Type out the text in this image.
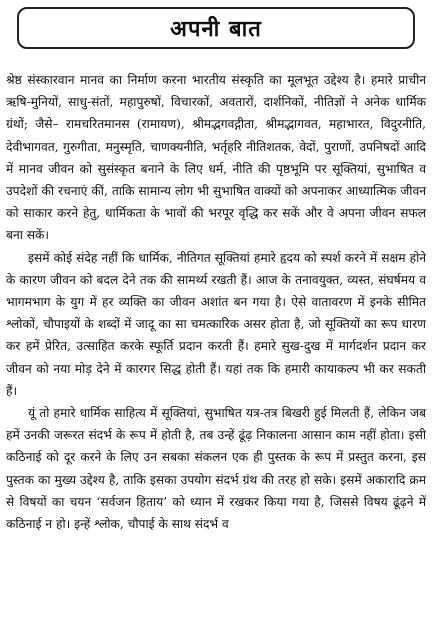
अपनी बात

श्रेष्ठ संस्कारवान मानव का निर्माण करना भारतीय संस्कृति का मूलभूत उद्देश्य है। हमारे प्राचीन ऋषि-मुनियों, साधु-संतों, महापुरुषों, विचारकों, अवतारों, दार्शनिकों, नीतिज्ञों ने अनेक धार्मिक ग्रंथों; जैसे– रामचरितमानस (रामायण), श्रीमद्भगवद्गीता, श्रीमद्भागवत, महाभारत, विदुरनीति, देवीभागवत, गुरुगीता, मनुस्मृति, चाणक्यनीति, भर्तृहरि नीतिशतक, वेदों, पुराणों, उपनिषदों आदि में मानव जीवन को सुसंस्कृत बनाने के लिए धर्म, नीति की पृष्ठभूमि पर सूक्तियां, सुभाषित व उपदेशों की रचनाएं कीं, ताकि सामान्य लोग भी सुभाषित वाक्यों को अपनाकर आध्यात्मिक जीवन को साकार करने हेतु, धार्मिकता के भावों की भरपूर वृद्धि कर सकें और वे अपना जीवन सफल बना सकें।

इसमें कोई संदेह नहीं कि धार्मिक, नीतिगत सूक्तियां हमारे हृदय को स्पर्श करने में सक्षम होने के कारण जीवन को बदल देने तक की सामर्थ्य रखती हैं। आज के तनावयुक्त, व्यस्त, संघर्षमय व भागमभाग के युग में हर व्यक्ति का जीवन अशांत बन गया है। ऐसे वातावरण में इनके सीमित श्लोकों, चौपाइयों के शब्दों में जादू का सा चमत्कारिक असर होता है, जो सूक्तियों का रूप धारण कर हमें प्रेरित, उत्साहित करके स्फूर्ति प्रदान करती हैं। हमारे सुख-दुख में मार्गदर्शन प्रदान कर जीवन को नया मोड़ देने में कारगर सिद्ध होती हैं। यहां तक कि हमारी कायाकल्प भी कर सकती हैं।

यूं तो हमारे धार्मिक साहित्य में सूक्तियां, सुभाषित यत्र-तत्र बिखरी हुई मिलती हैं, लेकिन जब हमें उनकी जरूरत संदर्भ के रूप में होती है, तब उन्हें ढूंढ़ निकालना आसान काम नहीं होता। इसी कठिनाई को दूर करने के लिए उन सबका संकलन एक ही पुस्तक के रूप में प्रस्तुत करना, इस पुस्तक का मुख्य उद्देश्य है, ताकि इसका उपयोग संदर्भ ग्रंथ की तरह हो सके। इसमें अकारादि क्रम से विषयों का चयन ‘सर्वजन हिताय’ को ध्यान में रखकर किया गया है, जिससे विषय ढूंढ़ने में कठिनाई न हो। इन्हें श्लोक, चौपाई के साथ संदर्भ व
